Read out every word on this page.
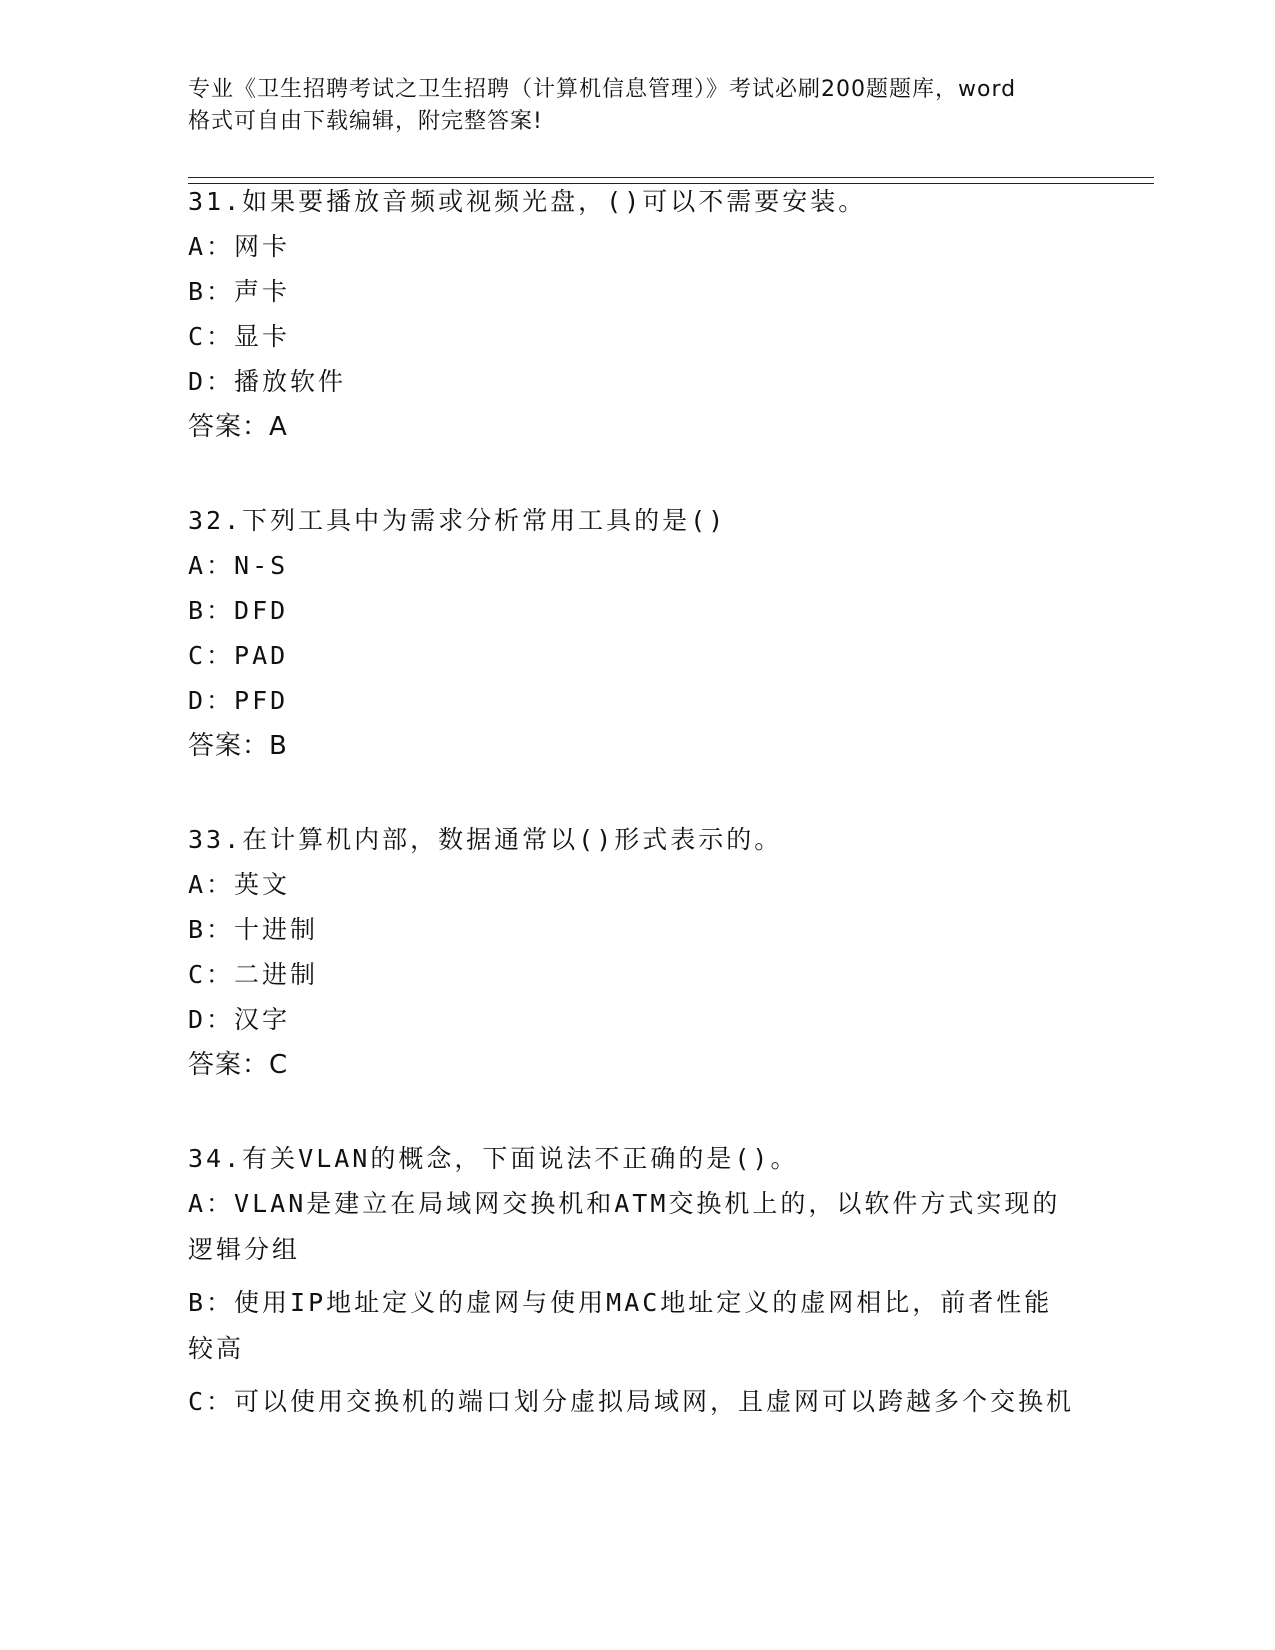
专业《卫生招聘考试之卫生招聘（计算机信息管理）》考试必刷200题题库，word
格式可自由下载编辑，附完整答案!
31.如果要播放音频或视频光盘，()可以不需要安装。
A：网卡
B：声卡
C：显卡
D：播放软件
答案：A
32.下列工具中为需求分析常用工具的是()
A：N-S
B：DFD
C：PAD
D：PFD
答案：B
33.在计算机内部，数据通常以()形式表示的。
A：英文
B：十进制
C：二进制
D：汉字
答案：C
34.有关VLAN的概念，下面说法不正确的是()。
A：VLAN是建立在局域网交换机和ATM交换机上的，以软件方式实现的逻辑分组
B：使用IP地址定义的虚网与使用MAC地址定义的虚网相比，前者性能较高
C：可以使用交换机的端口划分虚拟局域网，且虚网可以跨越多个交换机
